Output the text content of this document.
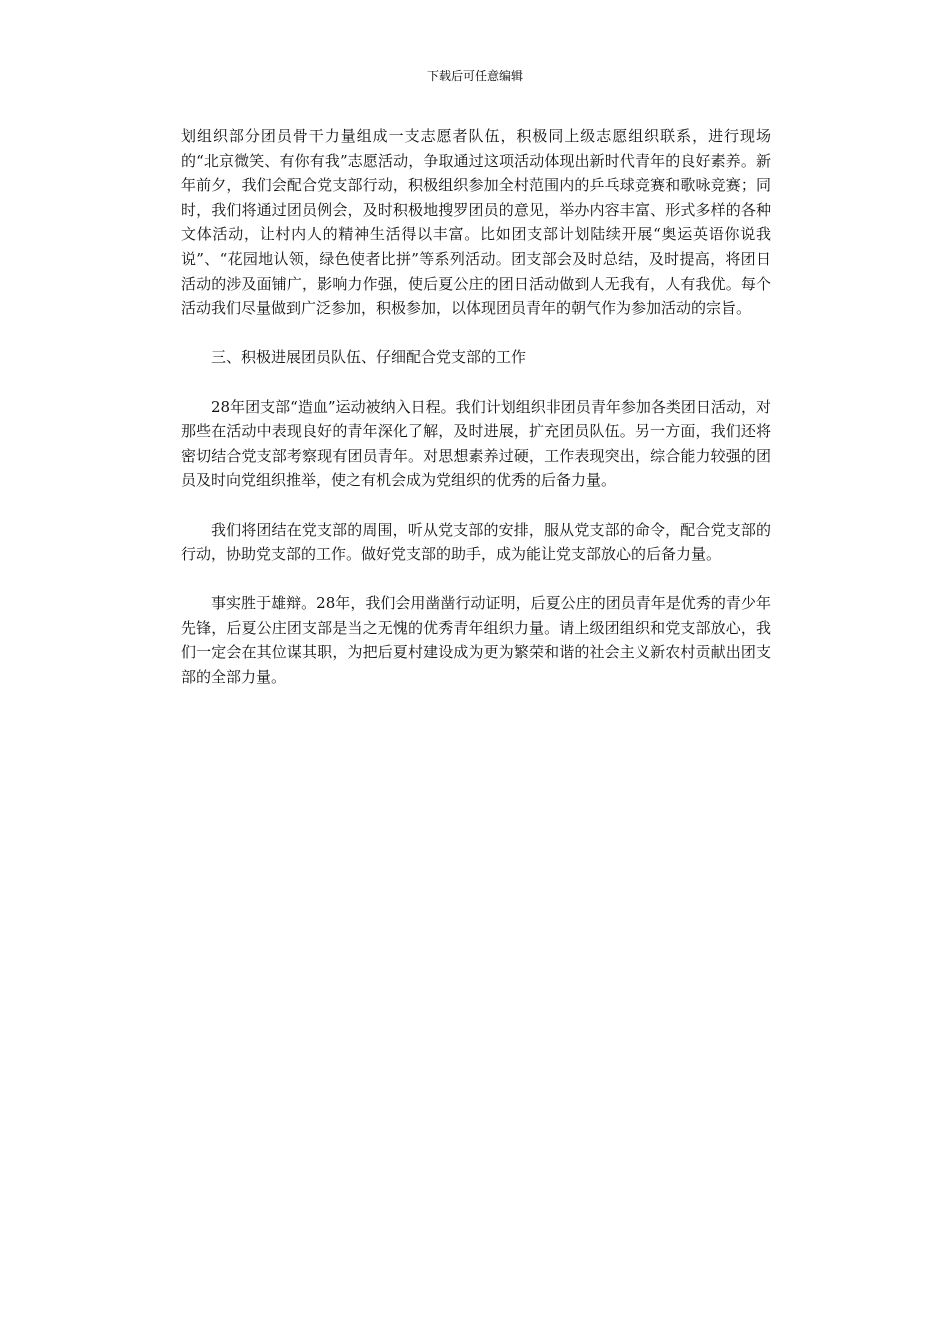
下载后可任意编辑

划组织部分团员骨干力量组成一支志愿者队伍，积极同上级志愿组织联系，进行现场的“北京微笑、有你有我”志愿活动，争取通过这项活动体现出新时代青年的良好素养。新年前夕，我们会配合党支部行动，积极组织参加全村范围内的乒乓球竞赛和歌咏竞赛；同时，我们将通过团员例会，及时积极地搜罗团员的意见，举办内容丰富、形式多样的各种文体活动，让村内人的精神生活得以丰富。比如团支部计划陆续开展“奥运英语你说我说”、“花园地认领，绿色使者比拼”等系列活动。团支部会及时总结，及时提高，将团日活动的涉及面铺广，影响力作强，使后夏公庄的团日活动做到人无我有，人有我优。每个活动我们尽量做到广泛参加，积极参加，以体现团员青年的朝气作为参加活动的宗旨。

三、积极进展团员队伍、仔细配合党支部的工作

28年团支部“造血”运动被纳入日程。我们计划组织非团员青年参加各类团日活动，对那些在活动中表现良好的青年深化了解，及时进展，扩充团员队伍。另一方面，我们还将密切结合党支部考察现有团员青年。对思想素养过硬，工作表现突出，综合能力较强的团员及时向党组织推举，使之有机会成为党组织的优秀的后备力量。

我们将团结在党支部的周围，听从党支部的安排，服从党支部的命令，配合党支部的行动，协助党支部的工作。做好党支部的助手，成为能让党支部放心的后备力量。

事实胜于雄辩。28年，我们会用凿凿行动证明，后夏公庄的团员青年是优秀的青少年先锋，后夏公庄团支部是当之无愧的优秀青年组织力量。请上级团组织和党支部放心，我们一定会在其位谋其职，为把后夏村建设成为更为繁荣和谐的社会主义新农村贡献出团支部的全部力量。
